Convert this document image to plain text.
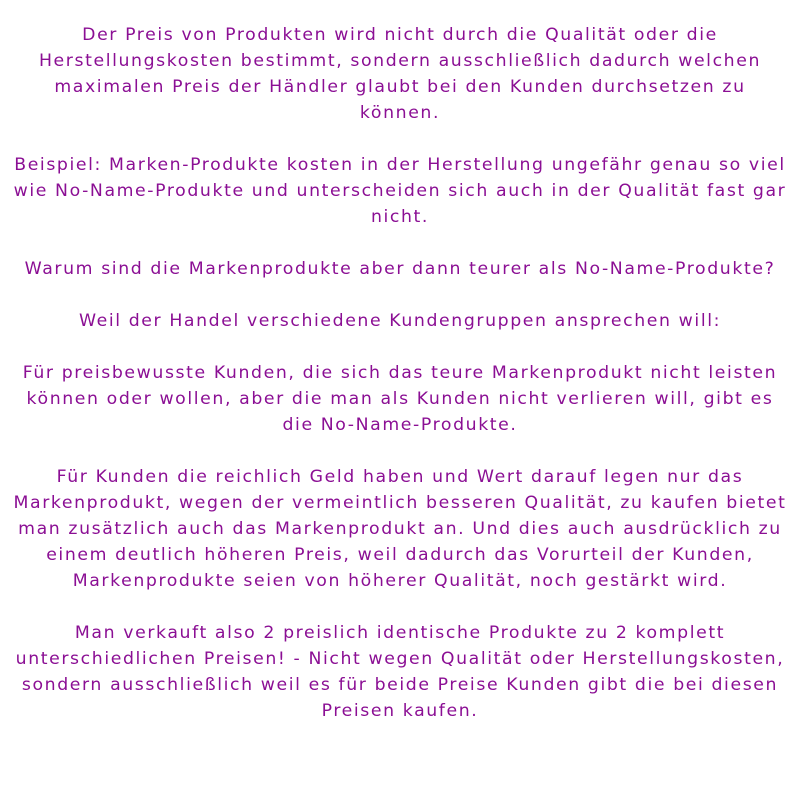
Der Preis von Produkten wird nicht durch die Qualität oder die Herstellungskosten bestimmt, sondern ausschließlich dadurch welchen maximalen Preis der Händler glaubt bei den Kunden durchsetzen zu können.

Beispiel: Marken-Produkte kosten in der Herstellung ungefähr genau so viel wie No-Name-Produkte und unterscheiden sich auch in der Qualität fast gar nicht.

Warum sind die Markenprodukte aber dann teurer als No-Name-Produkte?

Weil der Handel verschiedene Kundengruppen ansprechen will:

Für preisbewusste Kunden, die sich das teure Markenprodukt nicht leisten können oder wollen, aber die man als Kunden nicht verlieren will, gibt es die No-Name-Produkte.

Für Kunden die reichlich Geld haben und Wert darauf legen nur das Markenprodukt, wegen der vermeintlich besseren Qualität, zu kaufen bietet man zusätzlich auch das Markenprodukt an. Und dies auch ausdrücklich zu einem deutlich höheren Preis, weil dadurch das Vorurteil der Kunden, Markenprodukte seien von höherer Qualität, noch gestärkt wird.

Man verkauft also 2 preislich identische Produkte zu 2 komplett unterschiedlichen Preisen! - Nicht wegen Qualität oder Herstellungskosten, sondern ausschließlich weil es für beide Preise Kunden gibt die bei diesen Preisen kaufen.
